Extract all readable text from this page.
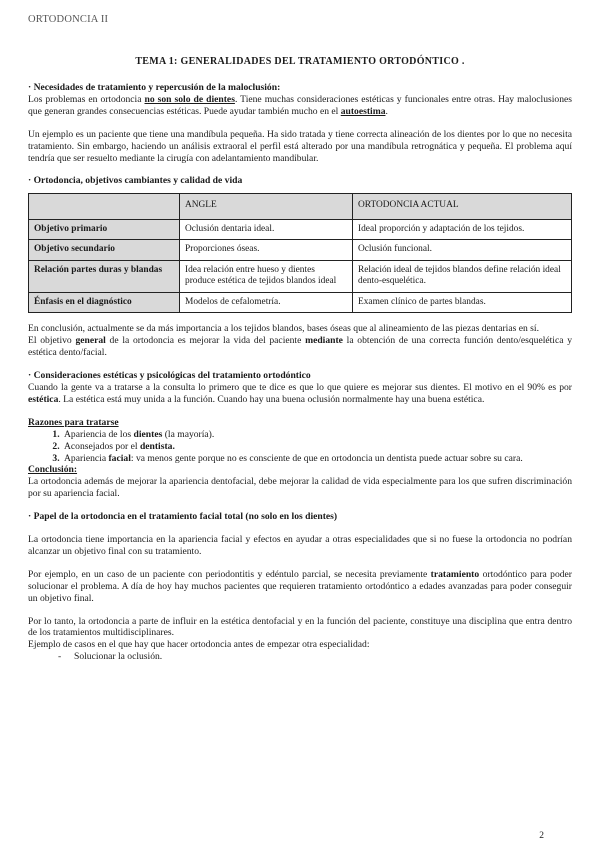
ORTODONCIA II
TEMA 1: GENERALIDADES DEL TRATAMIENTO ORTODÓNTICO .

· Necesidades de tratamiento y repercusión de la maloclusión:

Los problemas en ortodoncia no son solo de dientes. Tiene muchas consideraciones estéticas y funcionales entre otras. Hay maloclusiones que generan grandes consecuencias estéticas. Puede ayudar también mucho en el autoestima.

Un ejemplo es un paciente que tiene una mandíbula pequeña. Ha sido tratada y tiene correcta alineación de los dientes por lo que no necesita tratamiento. Sin embargo, haciendo un análisis extraoral el perfil está alterado por una mandíbula retrognática y pequeña. El problema aquí tendría que ser resuelto mediante la cirugía con adelantamiento mandibular.

· Ortodoncia, objetivos cambiantes y calidad de vida

	ANGLE	ORTODONCIA ACTUAL
Objetivo primario	Oclusión dentaria ideal.	Ideal proporción y adaptación de los tejidos.
Objetivo secundario	Proporciones óseas.	Oclusión funcional.
Relación partes duras y blandas	Idea relación entre hueso y dientes produce estética de tejidos blandos ideal	Relación ideal de tejidos blandos define relación ideal dento-esquelética.
Énfasis en el diagnóstico	Modelos de cefalometría.	Examen clínico de partes blandas.

En conclusión, actualmente se da más importancia a los tejidos blandos, bases óseas que al alineamiento de las piezas dentarias en sí.

El objetivo general de la ortodoncia es mejorar la vida del paciente mediante la obtención de una correcta función dento/esquelética y estética dento/facial.

· Consideraciones estéticas y psicológicas del tratamiento ortodóntico

Cuando la gente va a tratarse a la consulta lo primero que te dice es que lo que quiere es mejorar sus dientes. El motivo en el 90% es por estética. La estética está muy unida a la función. Cuando hay una buena oclusión normalmente hay una buena estética.

Razones para tratarse

1. Apariencia de los dientes (la mayoría).
2. Aconsejados por el dentista.
3. Apariencia facial: va menos gente porque no es consciente de que en ortodoncia un dentista puede actuar sobre su cara.

Conclusión:

La ortodoncia además de mejorar la apariencia dentofacial, debe mejorar la calidad de vida especialmente para los que sufren discriminación por su apariencia facial.

· Papel de la ortodoncia en el tratamiento facial total (no solo en los dientes)

La ortodoncia tiene importancia en la apariencia facial y efectos en ayudar a otras especialidades que si no fuese la ortodoncia no podrían alcanzar un objetivo final con su tratamiento.

Por ejemplo, en un caso de un paciente con periodontitis y edéntulo parcial, se necesita previamente tratamiento ortodóntico para poder solucionar el problema. A día de hoy hay muchos pacientes que requieren tratamiento ortodóntico a edades avanzadas para poder conseguir un objetivo final.

Por lo tanto, la ortodoncia a parte de influir en la estética dentofacial y en la función del paciente, constituye una disciplina que entra dentro de los tratamientos multidisciplinares.

Ejemplo de casos en el que hay que hacer ortodoncia antes de empezar otra especialidad:

- Solucionar la oclusión.
2
